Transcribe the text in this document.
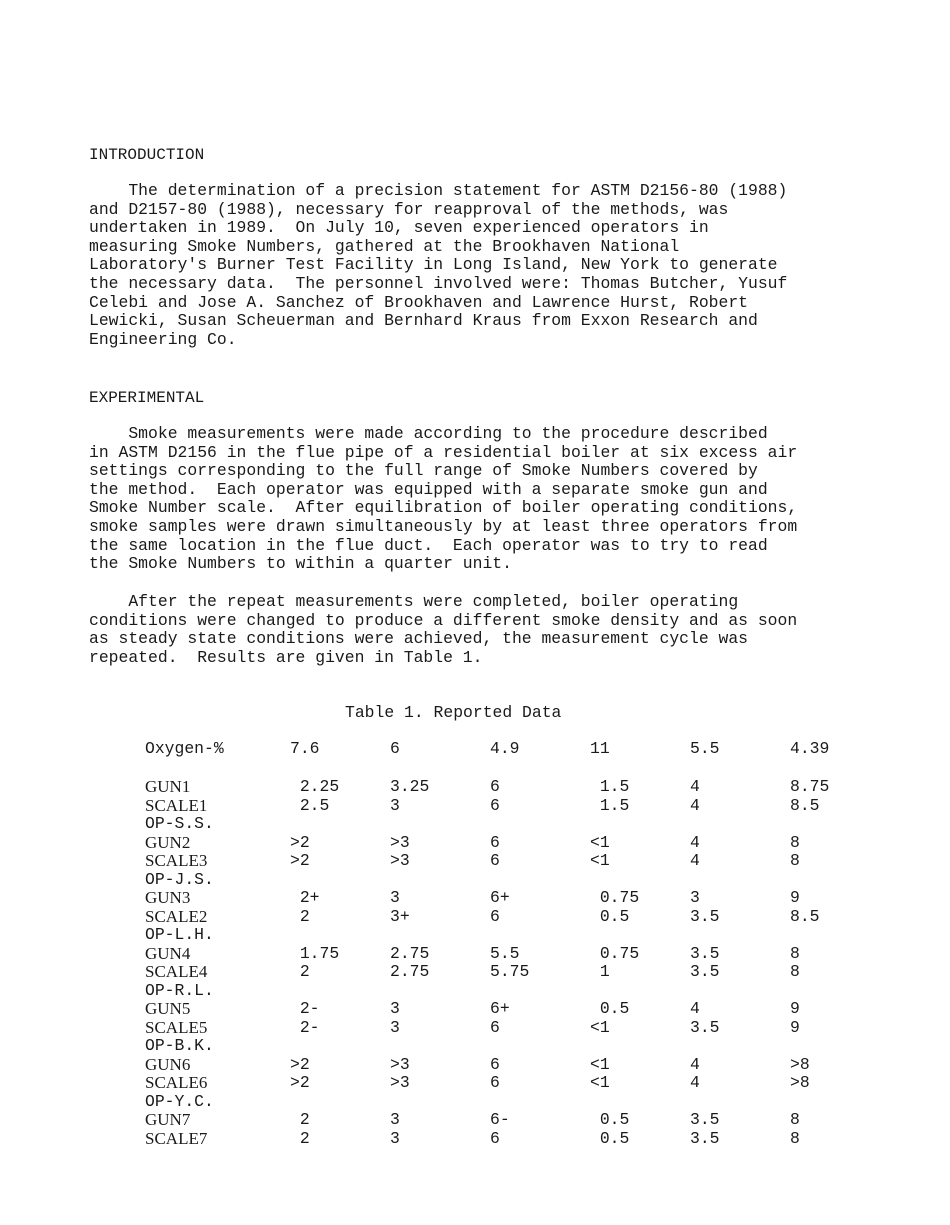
INTRODUCTION
The determination of a precision statement for ASTM D2156-80 (1988)
and D2157-80 (1988), necessary for reapproval of the methods, was
undertaken in 1989.  On July 10, seven experienced operators in
measuring Smoke Numbers, gathered at the Brookhaven National
Laboratory's Burner Test Facility in Long Island, New York to generate
the necessary data.  The personnel involved were: Thomas Butcher, Yusuf
Celebi and Jose A. Sanchez of Brookhaven and Lawrence Hurst, Robert
Lewicki, Susan Scheuerman and Bernhard Kraus from Exxon Research and
Engineering Co.
EXPERIMENTAL
Smoke measurements were made according to the procedure described
in ASTM D2156 in the flue pipe of a residential boiler at six excess air
settings corresponding to the full range of Smoke Numbers covered by
the method.  Each operator was equipped with a separate smoke gun and
Smoke Number scale.  After equilibration of boiler operating conditions,
smoke samples were drawn simultaneously by at least three operators from
the same location in the flue duct.  Each operator was to try to read
the Smoke Numbers to within a quarter unit.
After the repeat measurements were completed, boiler operating
conditions were changed to produce a different smoke density and as soon
as steady state conditions were achieved, the measurement cycle was
repeated.  Results are given in Table 1.
Table 1. Reported Data
Oxygen-%	7.6	6	4.9	11	5.5	4.39
GUN1	2.25	3.25	6	1.5	4	8.75
SCALE1	2.5	3	6	1.5	4	8.5
OP-S.S.
GUN2	>2	>3	6	<1	4	8
SCALE3	>2	>3	6	<1	4	8
OP-J.S.
GUN3	2+	3	6+	0.75	3	9
SCALE2	2	3+	6	0.5	3.5	8.5
OP-L.H.
GUN4	1.75	2.75	5.5	0.75	3.5	8
SCALE4	2	2.75	5.75	1	3.5	8
OP-R.L.
GUN5	2-	3	6+	0.5	4	9
SCALE5	2-	3	6	<1	3.5	9
OP-B.K.
GUN6	>2	>3	6	<1	4	>8
SCALE6	>2	>3	6	<1	4	>8
OP-Y.C.
GUN7	2	3	6-	0.5	3.5	8
SCALE7	2	3	6	0.5	3.5	8
